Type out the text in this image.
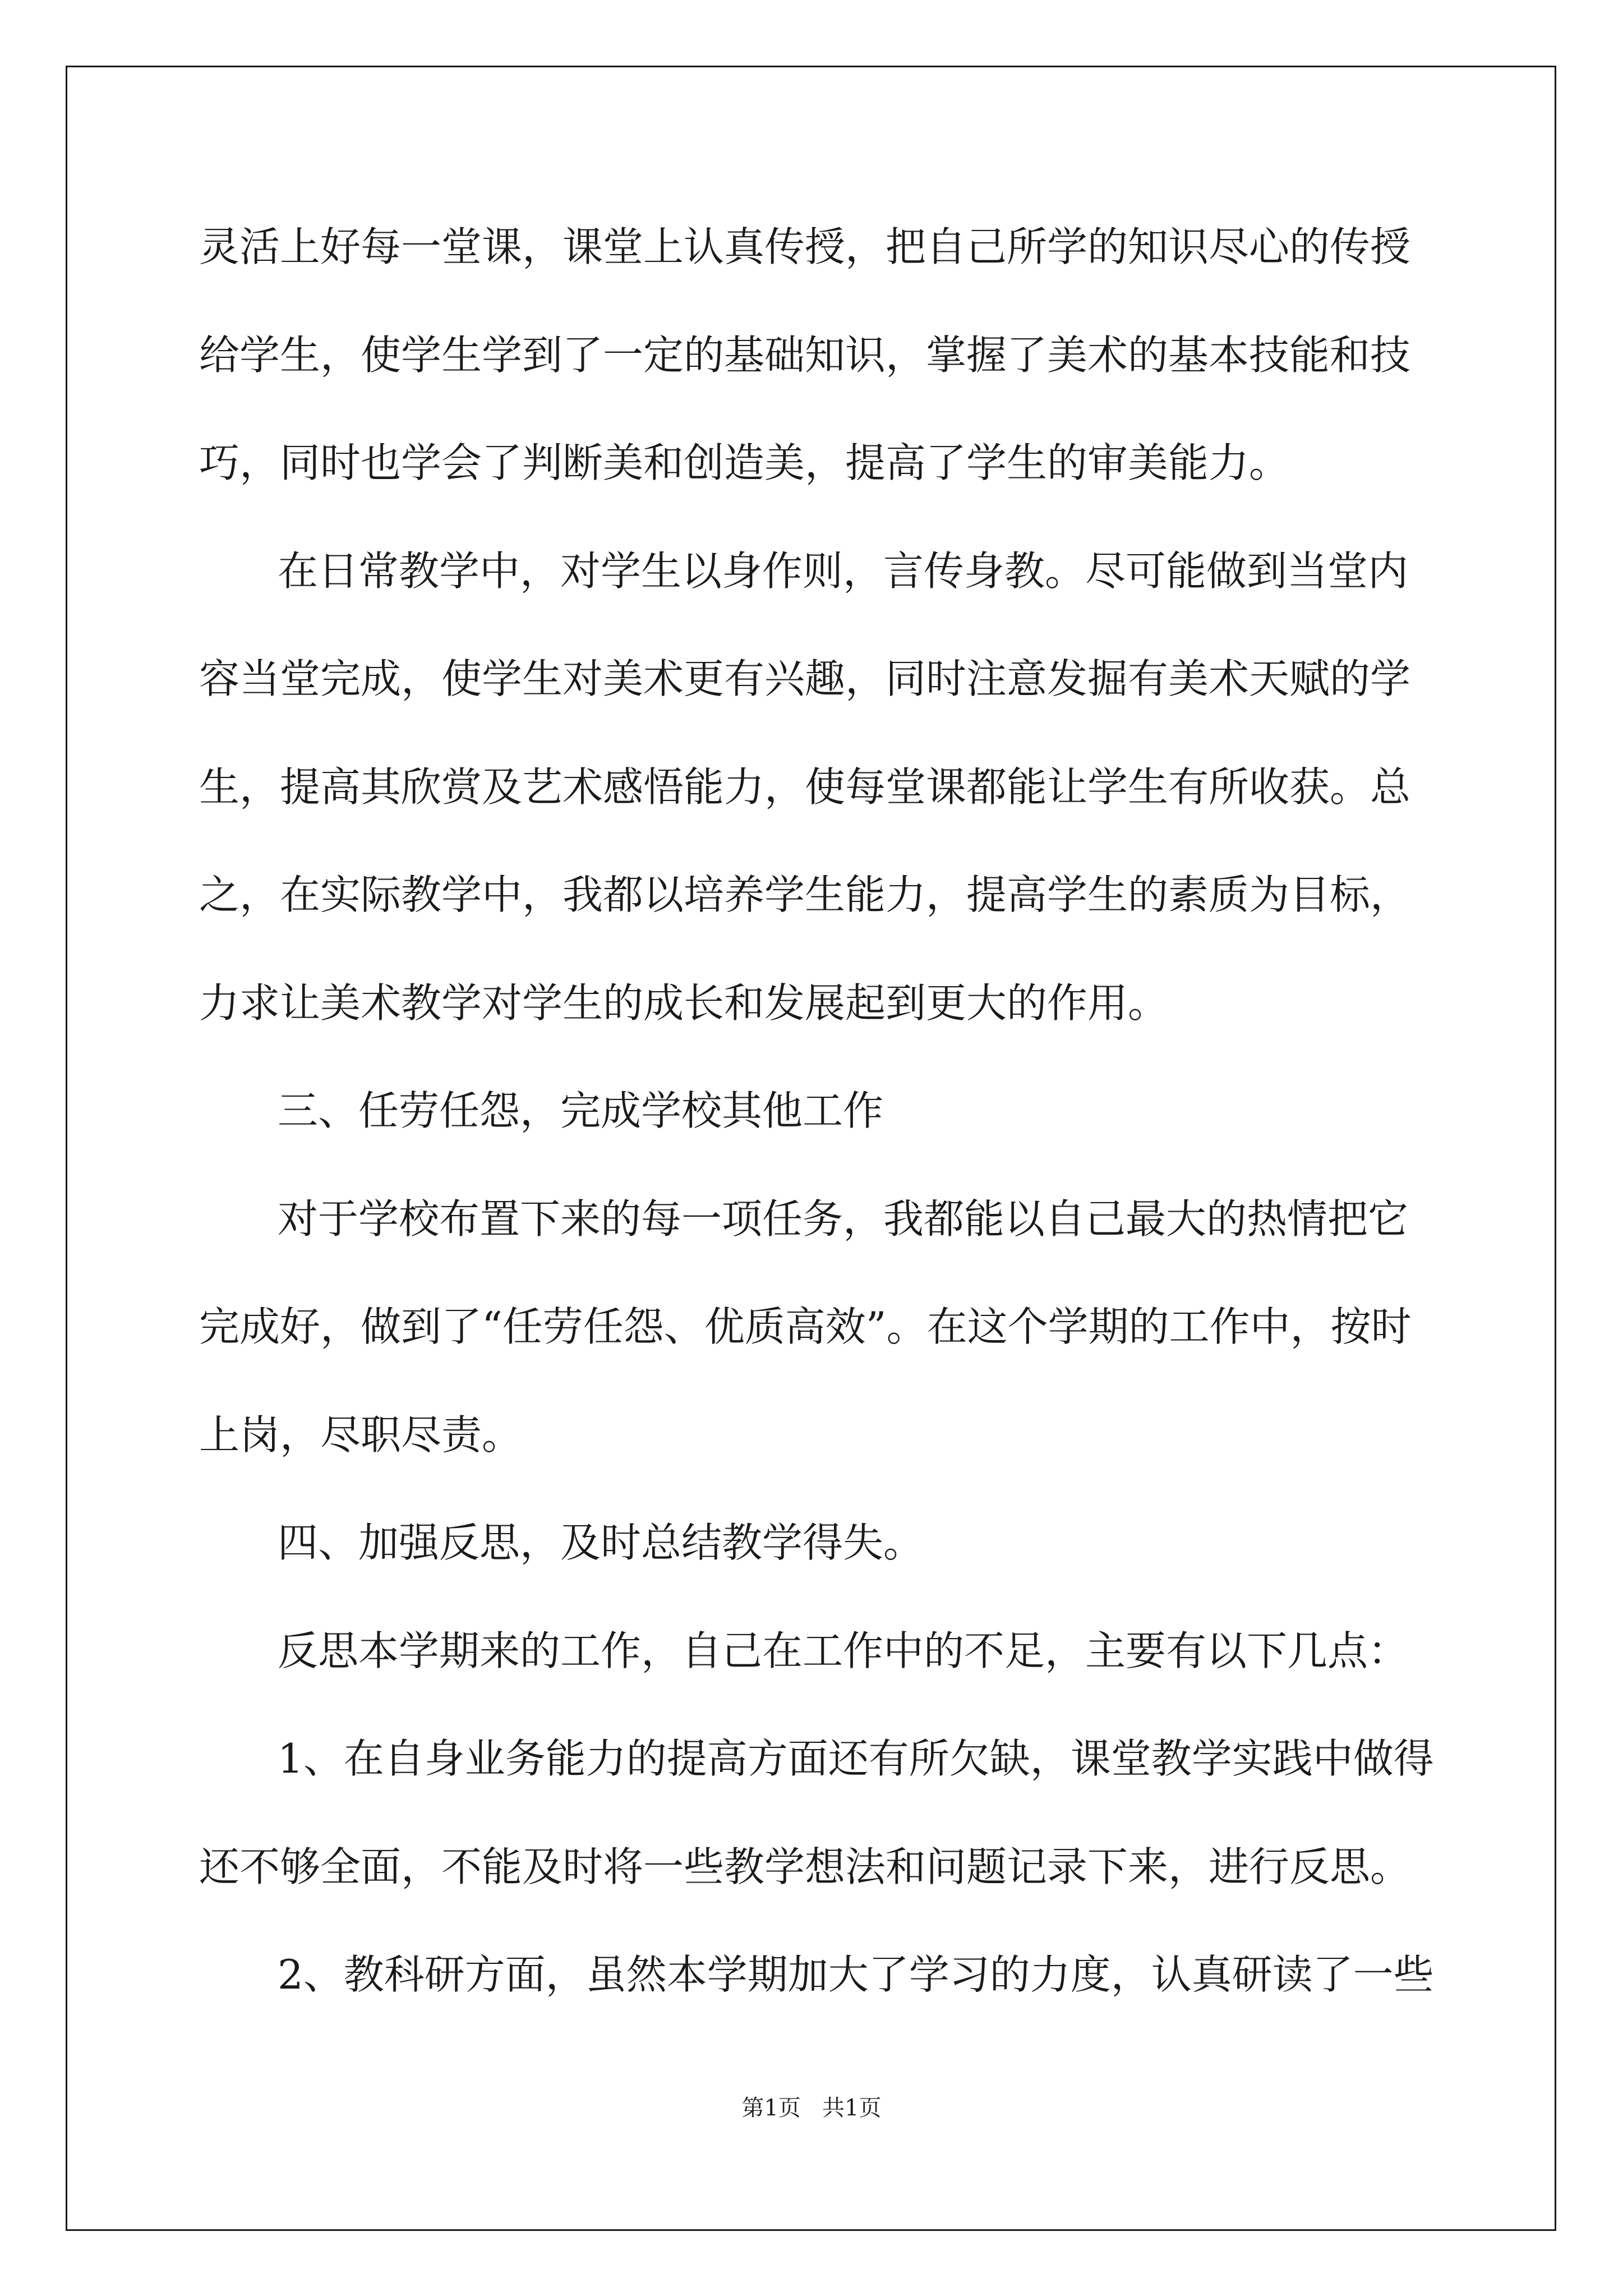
灵活上好每一堂课，课堂上认真传授，把自己所学的知识尽心的传授
给学生，使学生学到了一定的基础知识，掌握了美术的基本技能和技
巧，同时也学会了判断美和创造美，提高了学生的审美能力。
在日常教学中，对学生以身作则，言传身教。尽可能做到当堂内
容当堂完成，使学生对美术更有兴趣，同时注意发掘有美术天赋的学
生，提高其欣赏及艺术感悟能力，使每堂课都能让学生有所收获。总
之，在实际教学中，我都以培养学生能力，提高学生的素质为目标，
力求让美术教学对学生的成长和发展起到更大的作用。
三、任劳任怨，完成学校其他工作
对于学校布置下来的每一项任务，我都能以自己最大的热情把它
完成好，做到了“任劳任怨、优质高效”。在这个学期的工作中，按时
上岗，尽职尽责。
四、加强反思，及时总结教学得失。
反思本学期来的工作，自己在工作中的不足，主要有以下几点：
1、在自身业务能力的提高方面还有所欠缺，课堂教学实践中做得
还不够全面，不能及时将一些教学想法和问题记录下来，进行反思。
2、教科研方面，虽然本学期加大了学习的力度，认真研读了一些
第1页   共1页
